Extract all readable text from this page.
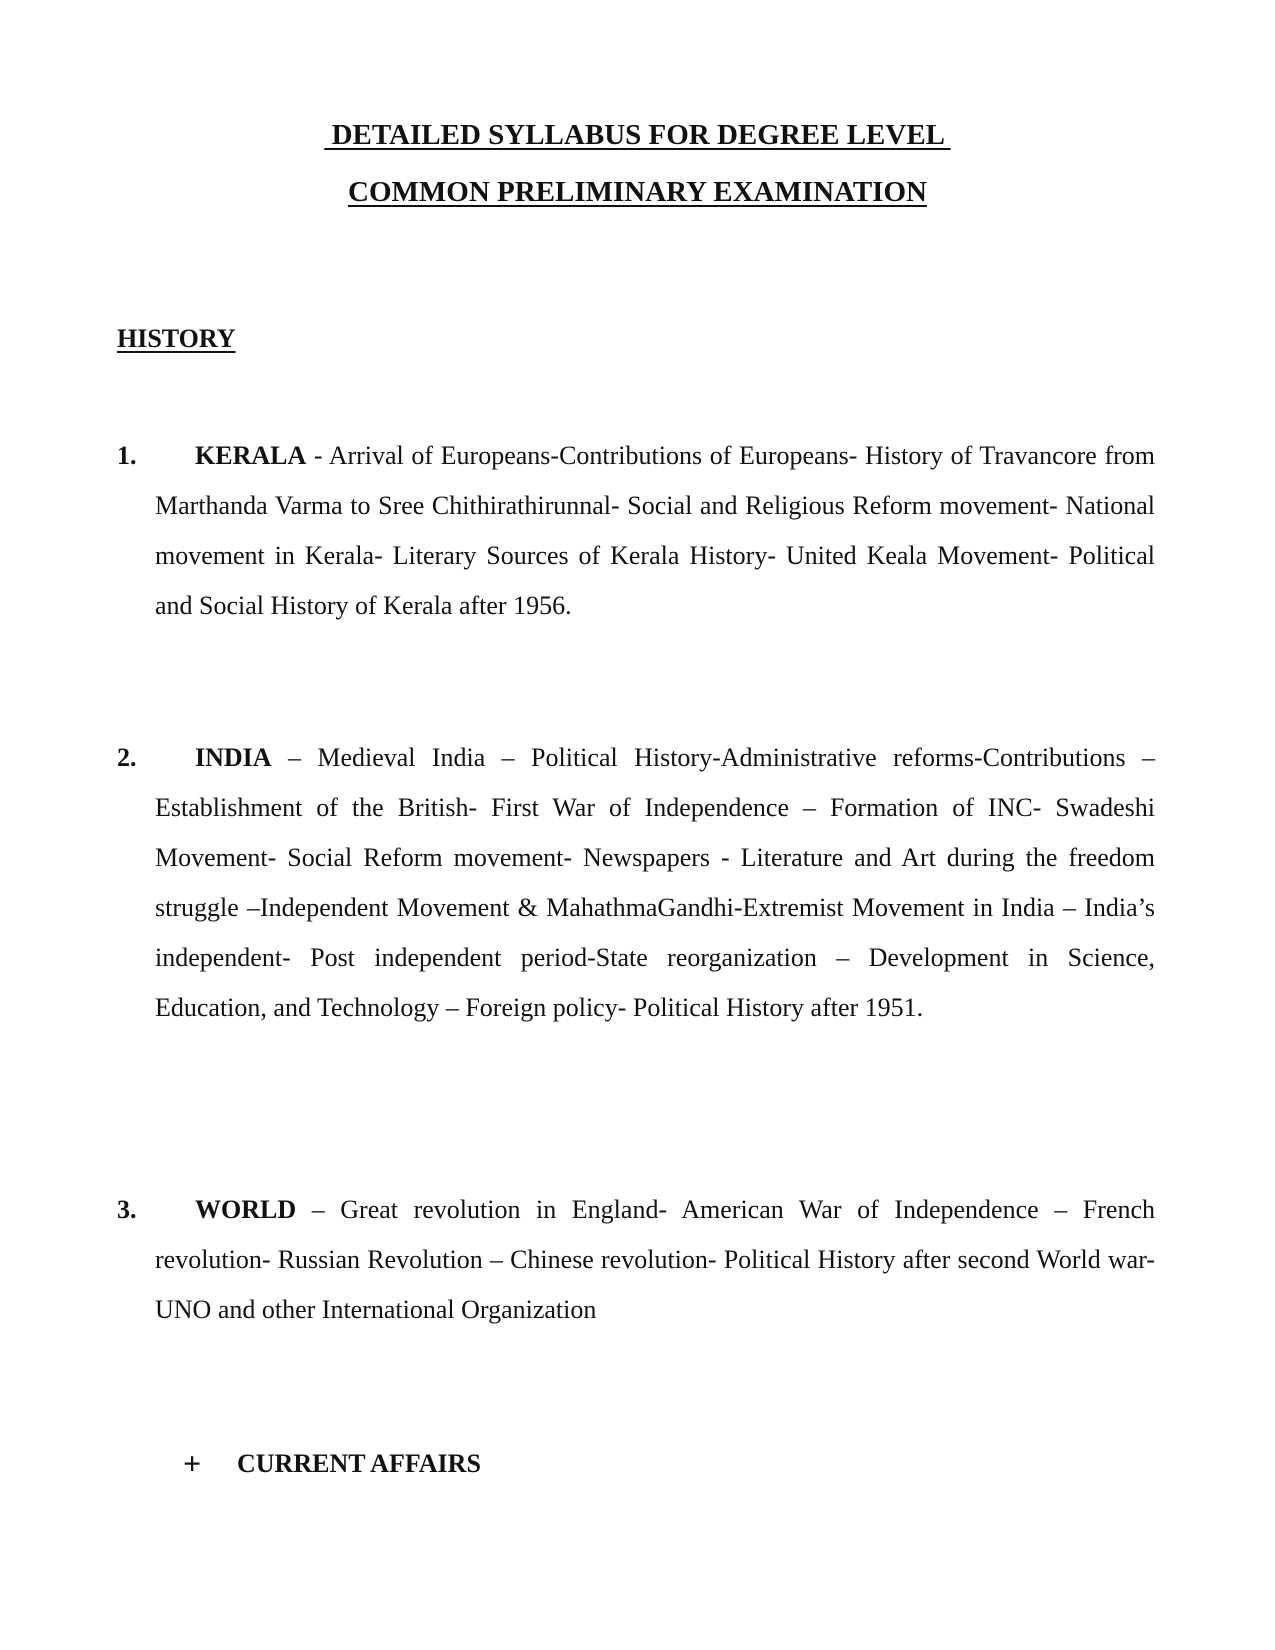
DETAILED SYLLABUS FOR DEGREE LEVEL
COMMON PRELIMINARY EXAMINATION
HISTORY
1. KERALA - Arrival of Europeans-Contributions of Europeans- History of Travancore from Marthanda Varma to Sree Chithirathirunnal- Social and Religious Reform movement- National movement in Kerala- Literary Sources of Kerala History- United Keala Movement- Political and Social History of Kerala after 1956.
2. INDIA – Medieval India – Political History-Administrative reforms-Contributions – Establishment of the British- First War of Independence – Formation of INC- Swadeshi Movement- Social Reform movement- Newspapers - Literature and Art during the freedom struggle –Independent Movement & MahathmaGandhi-Extremist Movement in India – India’s independent- Post independent period-State reorganization – Development in Science, Education, and Technology – Foreign policy- Political History after 1951.
3. WORLD – Great revolution in England- American War of Independence – French revolution- Russian Revolution – Chinese revolution- Political History after second World war- UNO and other International Organization
+	CURRENT AFFAIRS
